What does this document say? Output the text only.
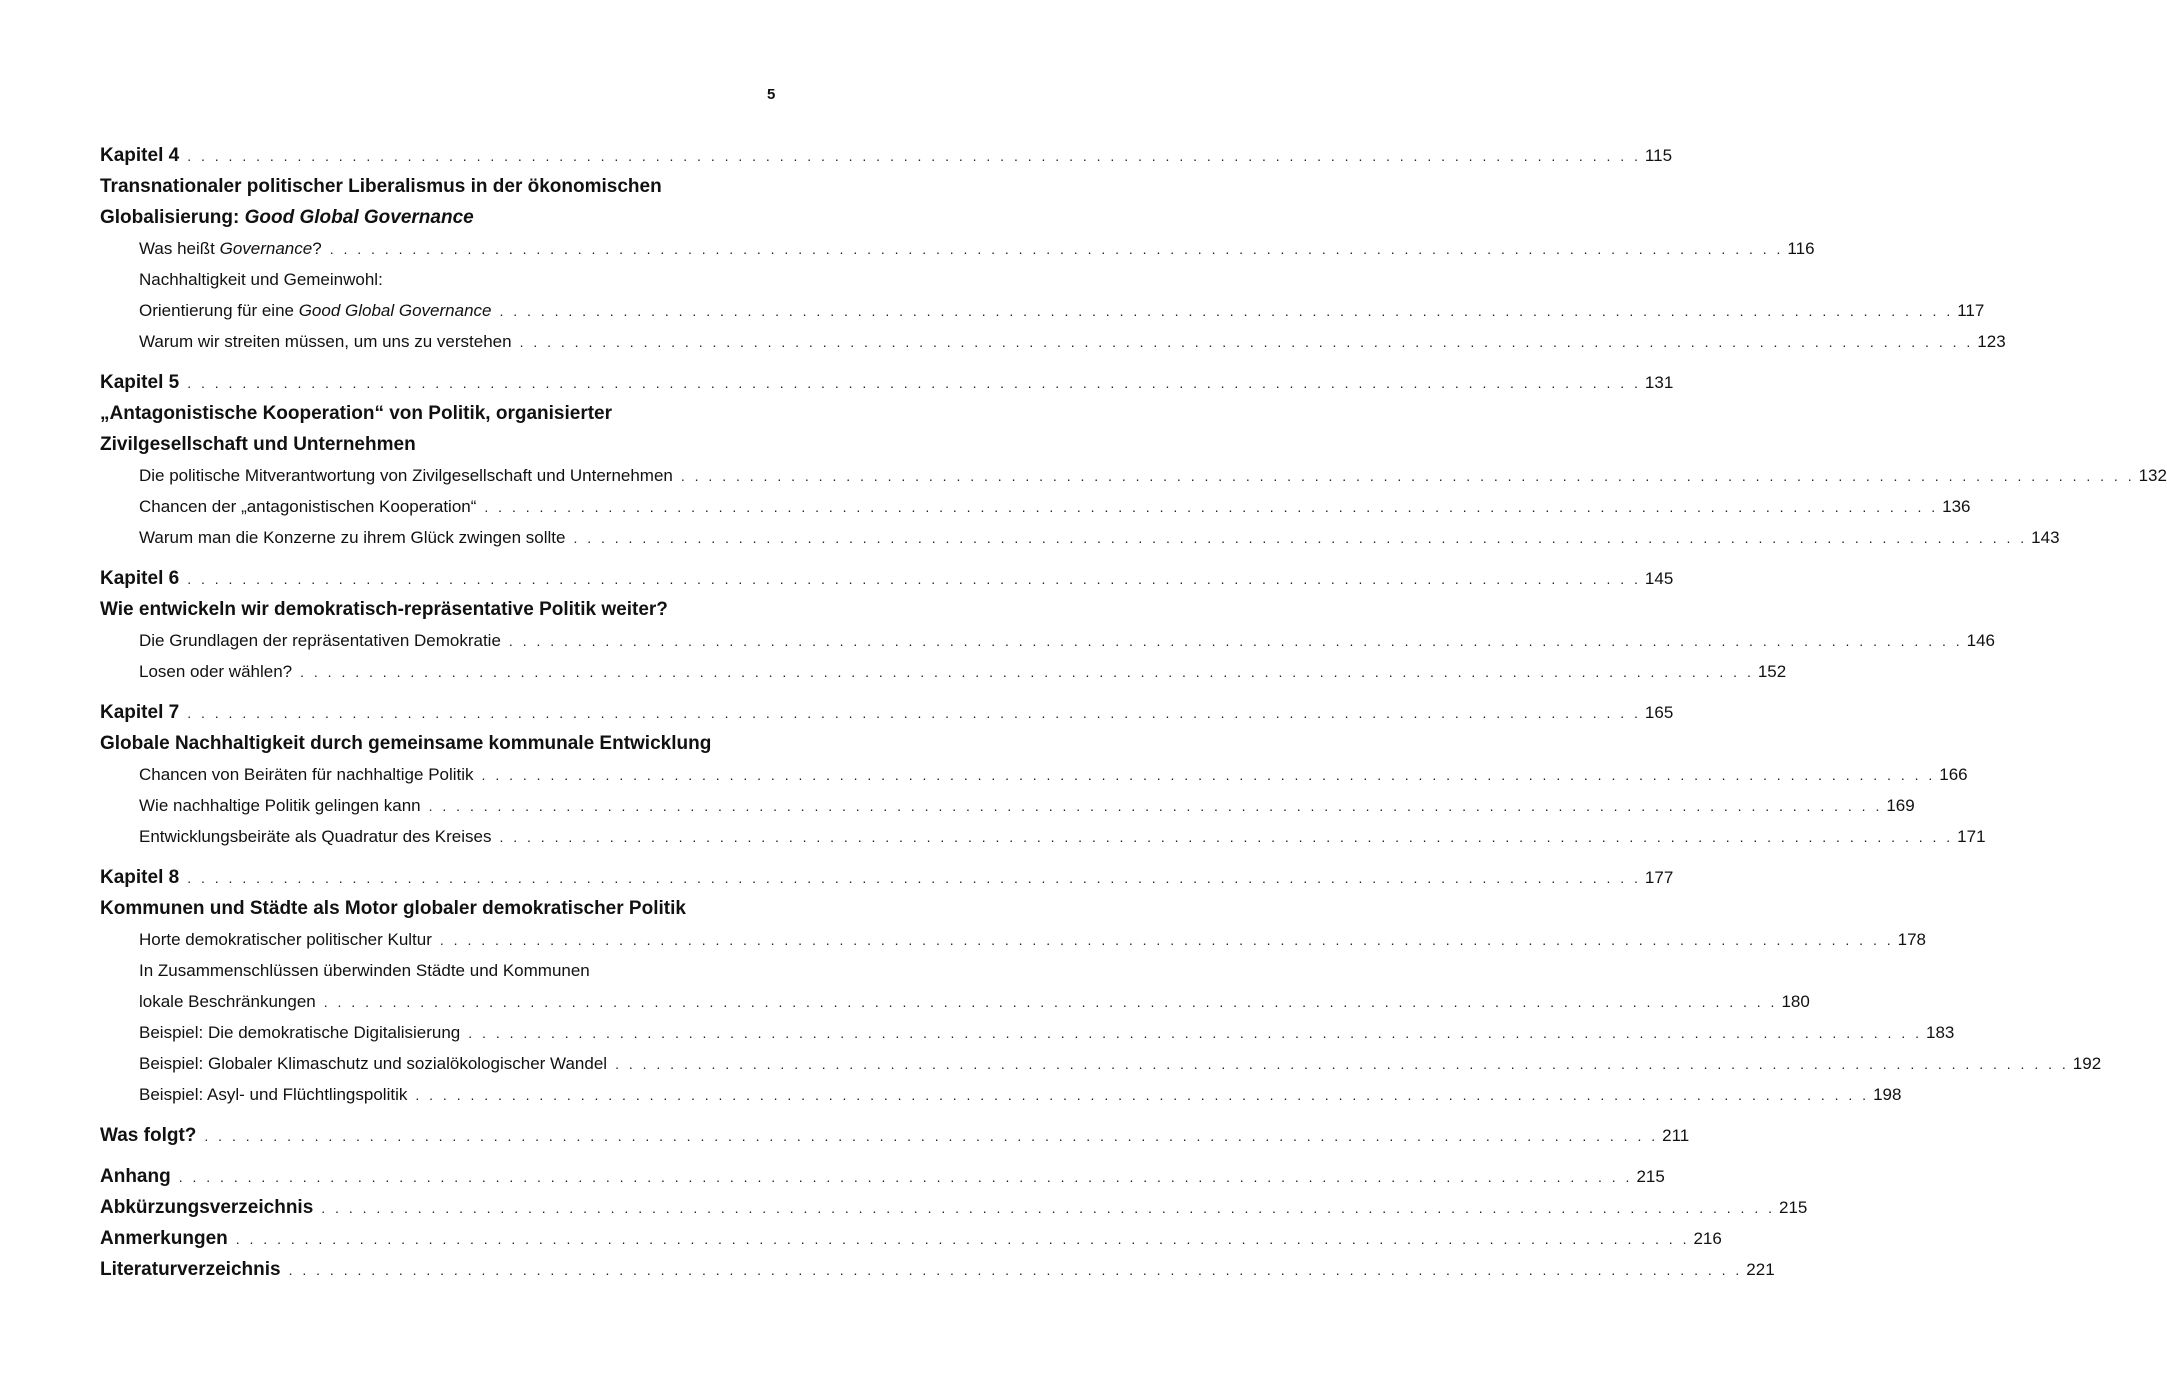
5
Kapitel 4 . . .	115
Transnationaler politischer Liberalismus in der ökonomischen
Globalisierung: Good Global Governance
Was heißt Governance? . . .	116
Nachhaltigkeit und Gemeinwohl:
Orientierung für eine Good Global Governance . . .	117
Warum wir streiten müssen, um uns zu verstehen . . .	123
Kapitel 5 . . .	131
„Antagonistische Kooperation“ von Politik, organisierter
Zivilgesellschaft und Unternehmen
Die politische Mitverantwortung von Zivilgesellschaft und Unternehmen . . .	132
Chancen der „antagonistischen Kooperation“ . . .	136
Warum man die Konzerne zu ihrem Glück zwingen sollte . . .	143
Kapitel 6 . . .	145
Wie entwickeln wir demokratisch-repräsentative Politik weiter?
Die Grundlagen der repräsentativen Demokratie . . .	146
Losen oder wählen? . . .	152
Kapitel 7 . . .	165
Globale Nachhaltigkeit durch gemeinsame kommunale Entwicklung
Chancen von Beiräten für nachhaltige Politik . . .	166
Wie nachhaltige Politik gelingen kann . . .	169
Entwicklungsbeiräte als Quadratur des Kreises . . .	171
Kapitel 8 . . .	177
Kommunen und Städte als Motor globaler demokratischer Politik
Horte demokratischer politischer Kultur . . .	178
In Zusammenschlüssen überwinden Städte und Kommunen
lokale Beschränkungen . . .	180
Beispiel: Die demokratische Digitalisierung . . .	183
Beispiel: Globaler Klimaschutz und sozialökologischer Wandel . . .	192
Beispiel: Asyl- und Flüchtlingspolitik . . .	198
Was folgt? . . .	211
Anhang . . .	215
Abkürzungsverzeichnis . . .	215
Anmerkungen . . .	216
Literaturverzeichnis . . .	221
